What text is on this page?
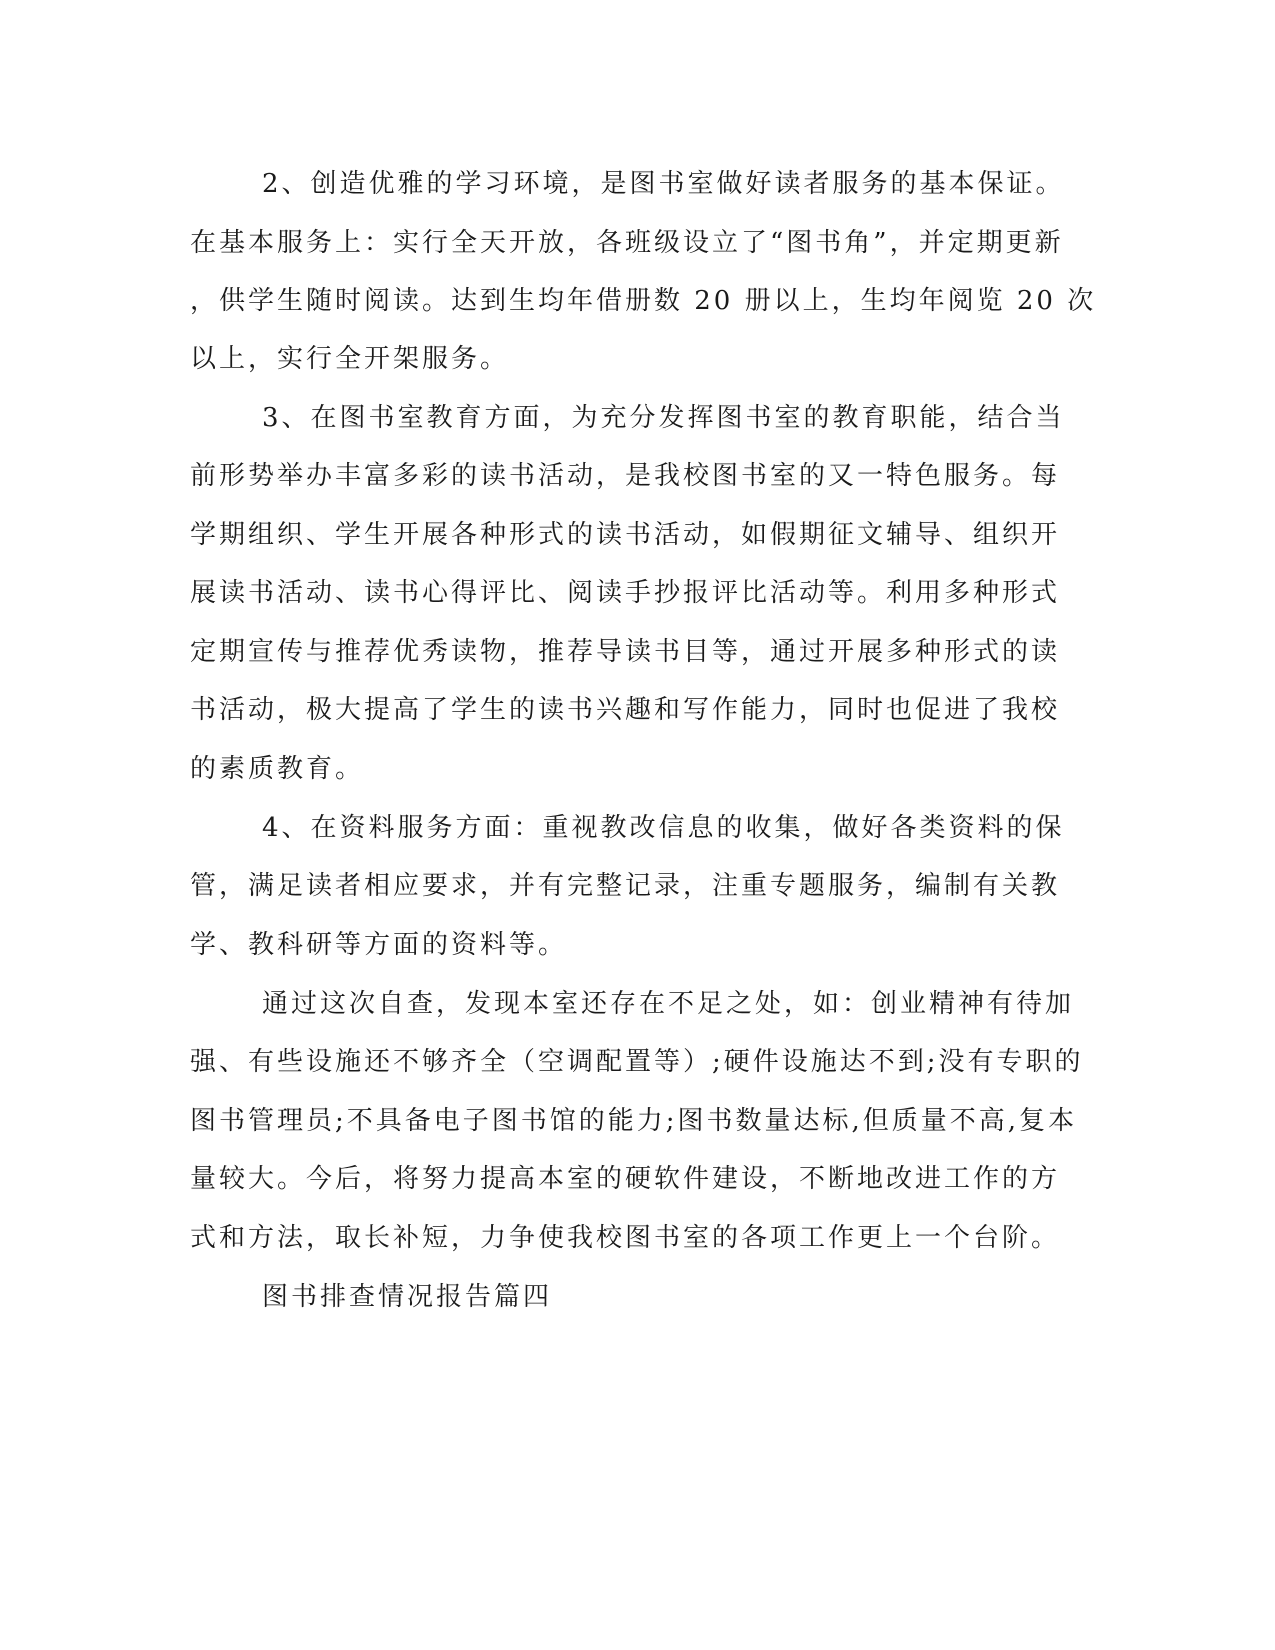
2、创造优雅的学习环境，是图书室做好读者服务的基本保证。
在基本服务上：实行全天开放，各班级设立了“图书角”，并定期更新
，供学生随时阅读。达到生均年借册数 20 册以上，生均年阅览 20 次
以上，实行全开架服务。
3、在图书室教育方面，为充分发挥图书室的教育职能，结合当
前形势举办丰富多彩的读书活动，是我校图书室的又一特色服务。每
学期组织、学生开展各种形式的读书活动，如假期征文辅导、组织开
展读书活动、读书心得评比、阅读手抄报评比活动等。利用多种形式
定期宣传与推荐优秀读物，推荐导读书目等，通过开展多种形式的读
书活动，极大提高了学生的读书兴趣和写作能力，同时也促进了我校
的素质教育。
4、在资料服务方面：重视教改信息的收集，做好各类资料的保
管，满足读者相应要求，并有完整记录，注重专题服务，编制有关教
学、教科研等方面的资料等。
通过这次自查，发现本室还存在不足之处，如：创业精神有待加
强、有些设施还不够齐全（空调配置等）;硬件设施达不到;没有专职的
图书管理员;不具备电子图书馆的能力;图书数量达标,但质量不高,复本
量较大。今后，将努力提高本室的硬软件建设，不断地改进工作的方
式和方法，取长补短，力争使我校图书室的各项工作更上一个台阶。
图书排查情况报告篇四
